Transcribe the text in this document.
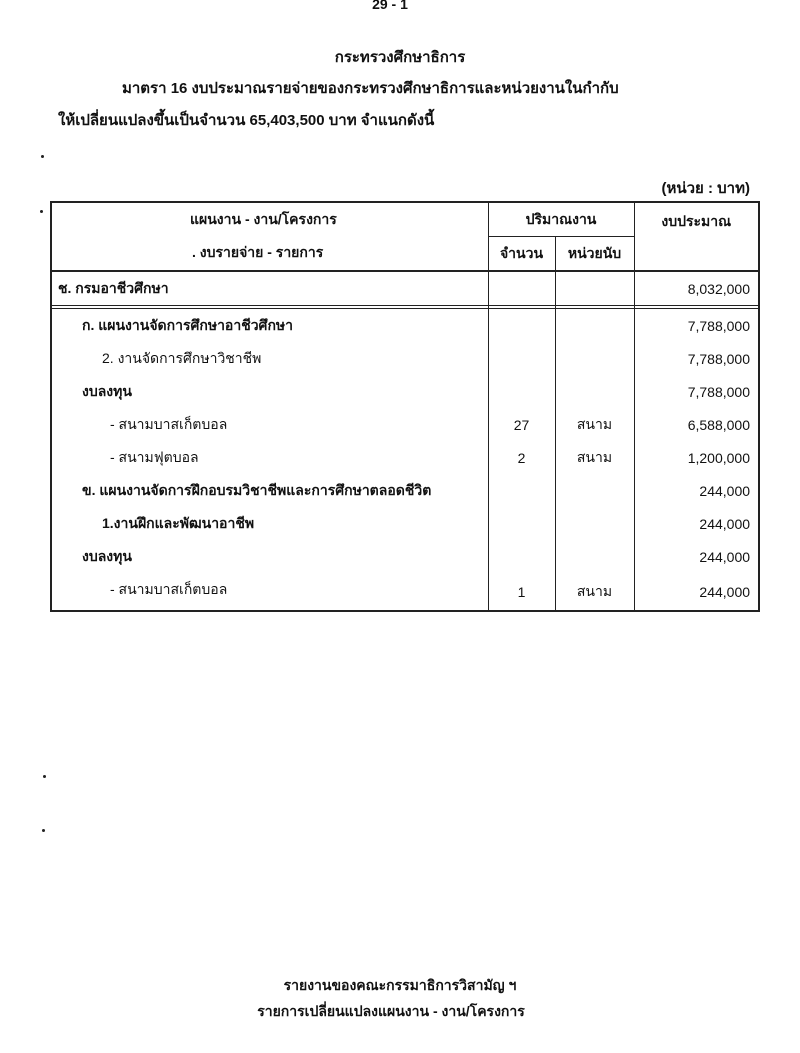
29 - 1
กระทรวงศึกษาธิการ
มาตรา 16 งบประมาณรายจ่ายของกระทรวงศึกษาธิการและหน่วยงานในกำกับ
ให้เปลี่ยนแปลงขึ้นเป็นจำนวน 65,403,500 บาท จำแนกดังนี้
(หน่วย : บาท)
แผนงาน - งาน/โครงการ	ปริมาณงาน		งบประมาณ
. งบรายจ่าย - รายการ	จำนวน	หน่วยนับ	
ช. กรมอาชีวศึกษา			8,032,000

ก. แผนงานจัดการศึกษาอาชีวศึกษา			7,788,000
2. งานจัดการศึกษาวิชาชีพ			7,788,000
งบลงทุน			7,788,000
- สนามบาสเก็ตบอล	27	สนาม	6,588,000
- สนามฟุตบอล	2	สนาม	1,200,000
ข. แผนงานจัดการฝึกอบรมวิชาชีพและการศึกษาตลอดชีวิต			244,000
1.งานฝึกและพัฒนาอาชีพ			244,000
งบลงทุน			244,000
- สนามบาสเก็ตบอล	1	สนาม	244,000
รายงานของคณะกรรมาธิการวิสามัญ ฯ
รายการเปลี่ยนแปลงแผนงาน - งาน/โครงการ
